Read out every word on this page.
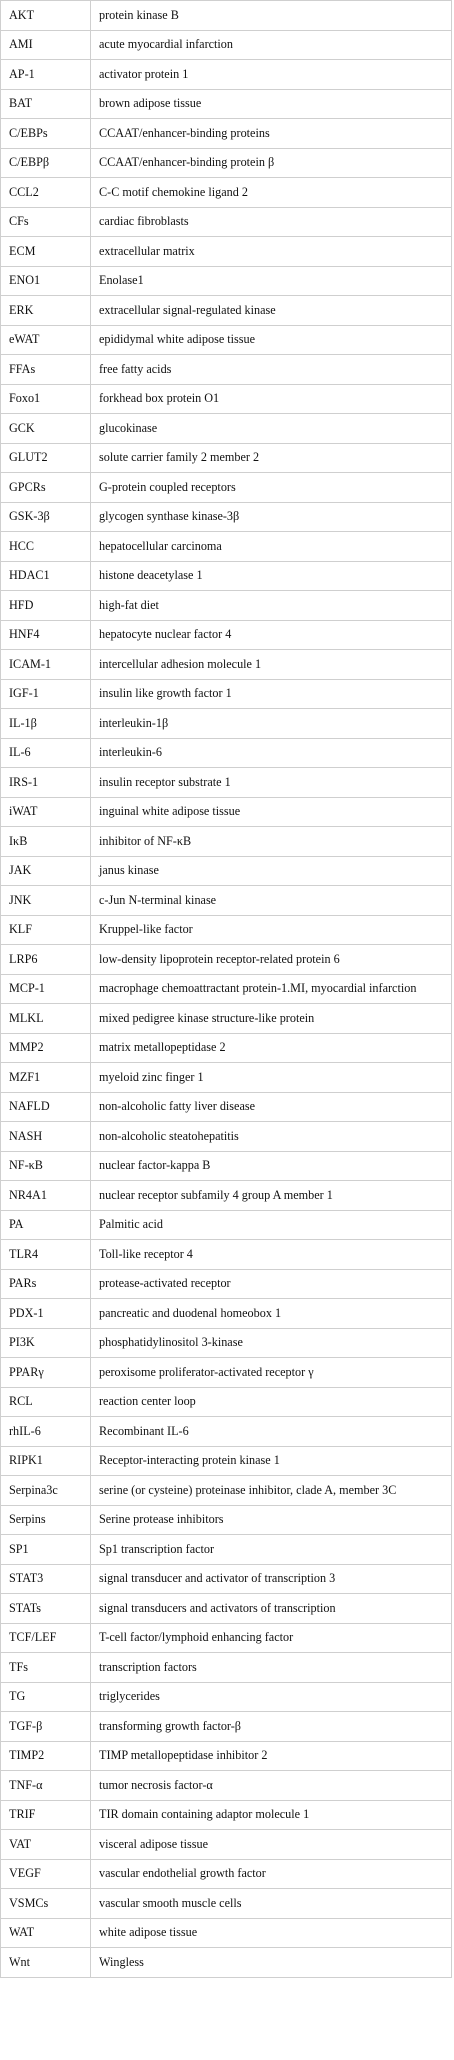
AKT	protein kinase B
AMI	acute myocardial infarction
AP-1	activator protein 1
BAT	brown adipose tissue
C/EBPs	CCAAT/enhancer-binding proteins
C/EBPβ	CCAAT/enhancer-binding protein β
CCL2	C-C motif chemokine ligand 2
CFs	cardiac fibroblasts
ECM	extracellular matrix
ENO1	Enolase1
ERK	extracellular signal-regulated kinase
eWAT	epididymal white adipose tissue
FFAs	free fatty acids
Foxo1	forkhead box protein O1
GCK	glucokinase
GLUT2	solute carrier family 2 member 2
GPCRs	G-protein coupled receptors
GSK-3β	glycogen synthase kinase-3β
HCC	hepatocellular carcinoma
HDAC1	histone deacetylase 1
HFD	high-fat diet
HNF4	hepatocyte nuclear factor 4
ICAM-1	intercellular adhesion molecule 1
IGF-1	insulin like growth factor 1
IL-1β	interleukin-1β
IL-6	interleukin-6
IRS-1	insulin receptor substrate 1
iWAT	inguinal white adipose tissue
IκB	inhibitor of NF-κB
JAK	janus kinase
JNK	c-Jun N-terminal kinase
KLF	Kruppel-like factor
LRP6	low-density lipoprotein receptor-related protein 6
MCP-1	macrophage chemoattractant protein-1.MI, myocardial infarction
MLKL	mixed pedigree kinase structure-like protein
MMP2	matrix metallopeptidase 2
MZF1	myeloid zinc finger 1
NAFLD	non-alcoholic fatty liver disease
NASH	non-alcoholic steatohepatitis
NF-κB	nuclear factor-kappa B
NR4A1	nuclear receptor subfamily 4 group A member 1
PA	Palmitic acid
TLR4	Toll-like receptor 4
PARs	protease-activated receptor
PDX-1	pancreatic and duodenal homeobox 1
PI3K	phosphatidylinositol 3-kinase
PPARγ	peroxisome proliferator-activated receptor γ
RCL	reaction center loop
rhIL-6	Recombinant IL-6
RIPK1	Receptor-interacting protein kinase 1
Serpina3c	serine (or cysteine) proteinase inhibitor, clade A, member 3C
Serpins	Serine protease inhibitors
SP1	Sp1 transcription factor
STAT3	signal transducer and activator of transcription 3
STATs	signal transducers and activators of transcription
TCF/LEF	T-cell factor/lymphoid enhancing factor
TFs	transcription factors
TG	triglycerides
TGF-β	transforming growth factor-β
TIMP2	TIMP metallopeptidase inhibitor 2
TNF-α	tumor necrosis factor-α
TRIF	TIR domain containing adaptor molecule 1
VAT	visceral adipose tissue
VEGF	vascular endothelial growth factor
VSMCs	vascular smooth muscle cells
WAT	white adipose tissue
Wnt	Wingless
